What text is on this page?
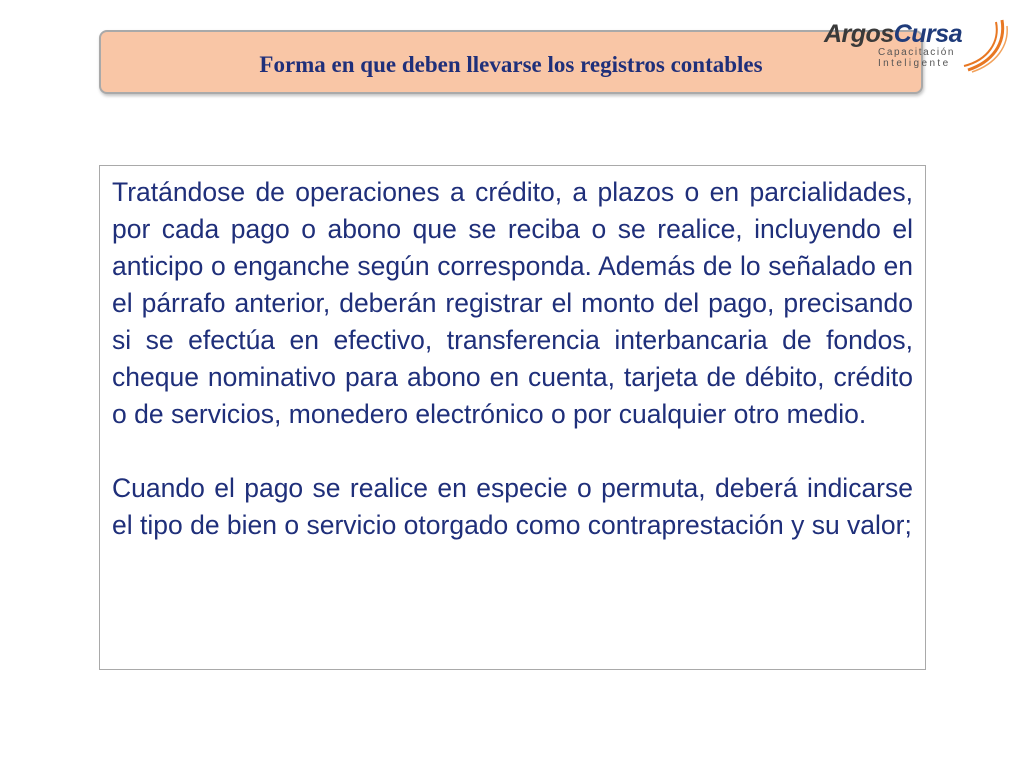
Forma en que deben llevarse los registros contables
ArgosCursa
Capacitación
Inteligente

Tratándose de operaciones a crédito, a plazos o en parcialidades, por cada pago o abono que se reciba o se realice, incluyendo el anticipo o enganche según corresponda. Además de lo señalado en el párrafo anterior, deberán registrar el monto del pago, precisando si se efectúa en efectivo, transferencia interbancaria de fondos, cheque nominativo para abono en cuenta, tarjeta de débito, crédito o de servicios, monedero electrónico o por cualquier otro medio.

Cuando el pago se realice en especie o permuta, deberá indicarse el tipo de bien o servicio otorgado como contraprestación y su valor;
